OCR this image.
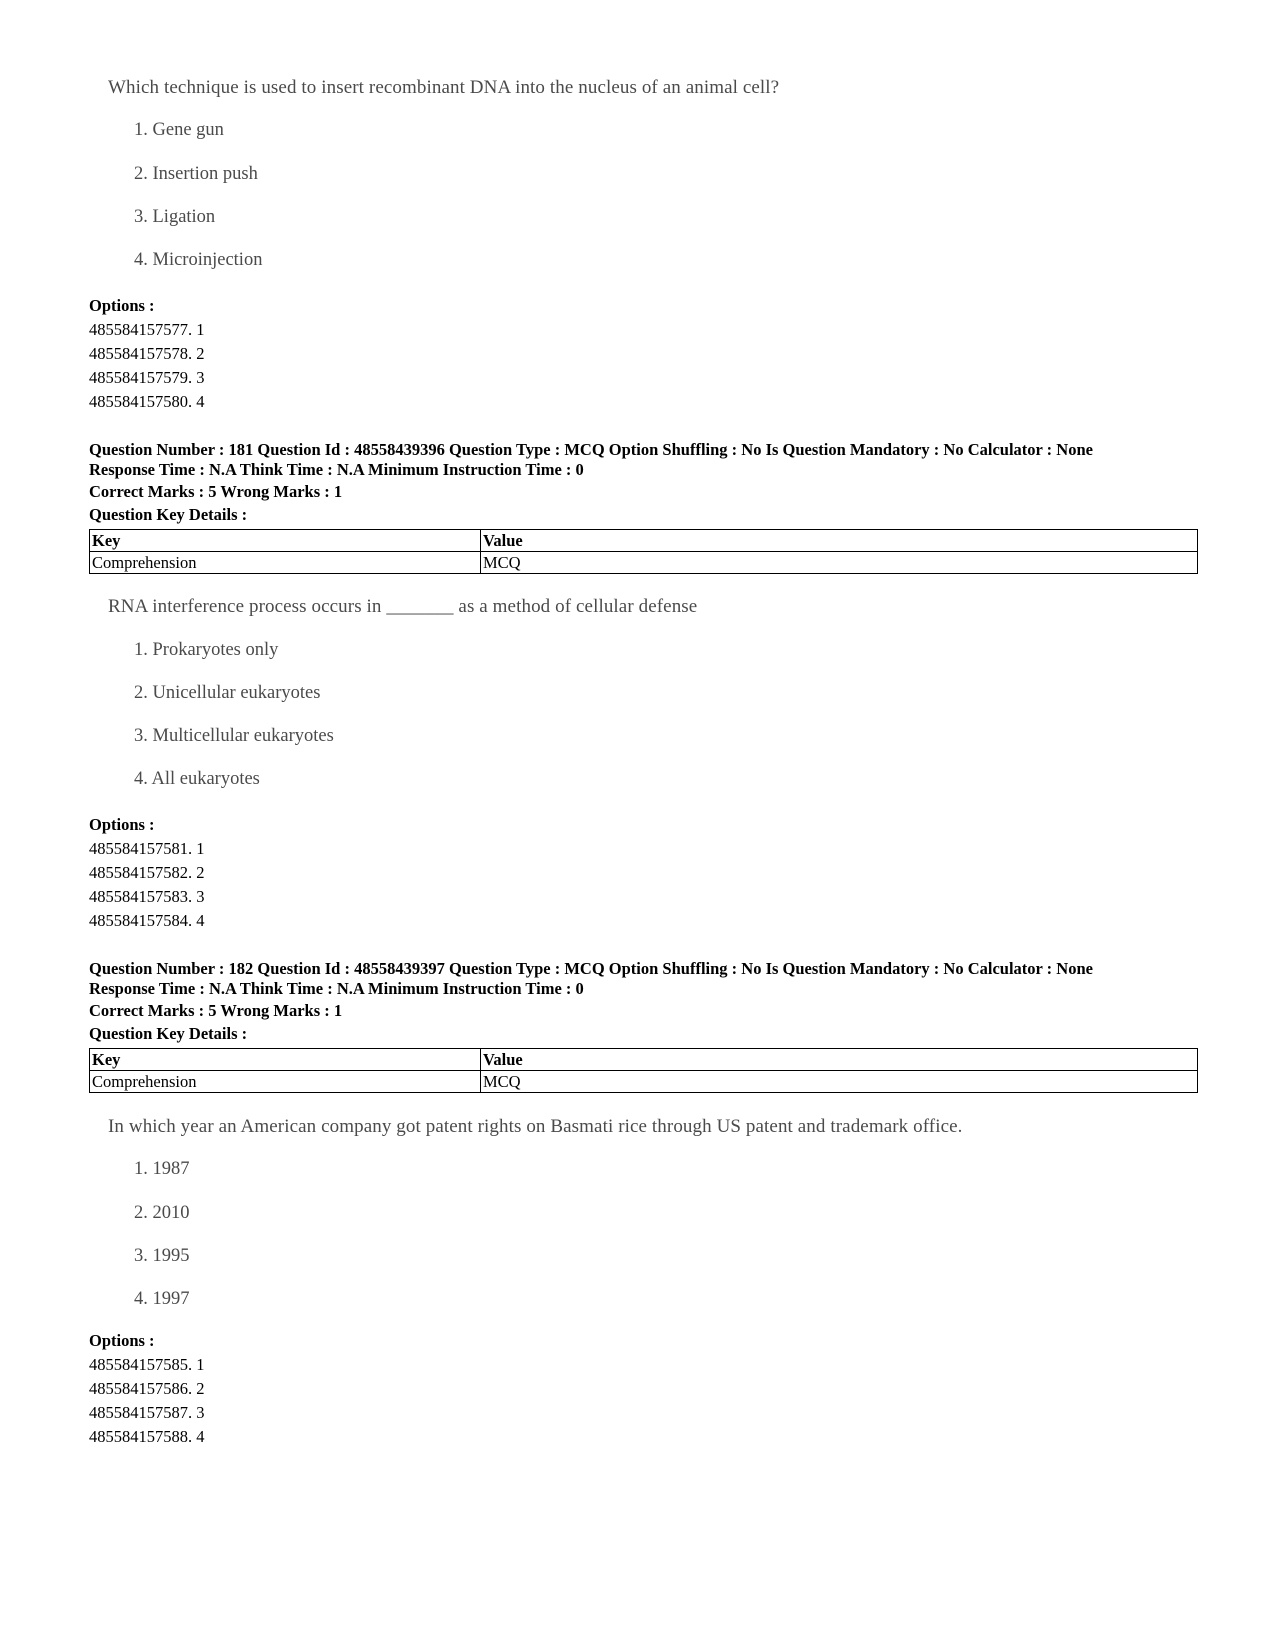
Which technique is used to insert recombinant DNA into the nucleus of an animal cell?
1. Gene gun
2. Insertion push
3. Ligation
4. Microinjection
Options :
485584157577. 1
485584157578. 2
485584157579. 3
485584157580. 4
Question Number : 181 Question Id : 48558439396 Question Type : MCQ Option Shuffling : No Is Question Mandatory : No Calculator : None
Response Time : N.A Think Time : N.A Minimum Instruction Time : 0
Correct Marks : 5 Wrong Marks : 1
Question Key Details :
Key	Value
Comprehension	MCQ
RNA interference process occurs in _______ as a method of cellular defense
1. Prokaryotes only
2. Unicellular eukaryotes
3. Multicellular eukaryotes
4. All eukaryotes
Options :
485584157581. 1
485584157582. 2
485584157583. 3
485584157584. 4
Question Number : 182 Question Id : 48558439397 Question Type : MCQ Option Shuffling : No Is Question Mandatory : No Calculator : None
Response Time : N.A Think Time : N.A Minimum Instruction Time : 0
Correct Marks : 5 Wrong Marks : 1
Question Key Details :
Key	Value
Comprehension	MCQ
In which year an American company got patent rights on Basmati rice through US patent and trademark office.
1. 1987
2. 2010
3. 1995
4. 1997
Options :
485584157585. 1
485584157586. 2
485584157587. 3
485584157588. 4
